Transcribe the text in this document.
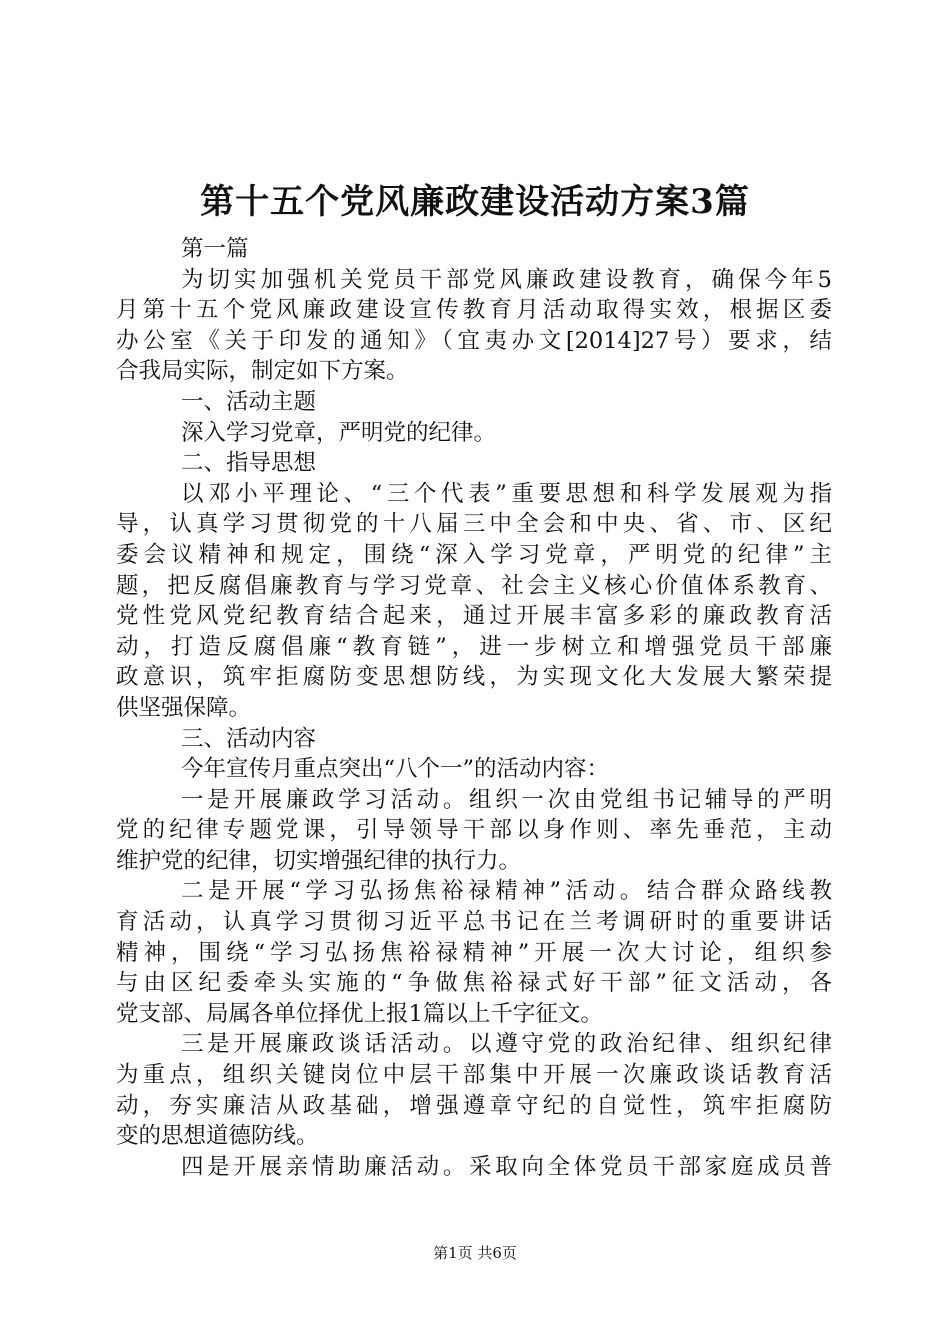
第十五个党风廉政建设活动方案3篇
第一篇
为切实加强机关党员干部党风廉政建设教育，确保今年5
月第十五个党风廉政建设宣传教育月活动取得实效，根据区委
办公室《关于印发的通知》（宜夷办文[2014]27号）要求，结
合我局实际，制定如下方案。
一、活动主题
深入学习党章，严明党的纪律。
二、指导思想
以邓小平理论、“三个代表”重要思想和科学发展观为指
导，认真学习贯彻党的十八届三中全会和中央、省、市、区纪
委会议精神和规定，围绕“深入学习党章，严明党的纪律”主
题，把反腐倡廉教育与学习党章、社会主义核心价值体系教育、
党性党风党纪教育结合起来，通过开展丰富多彩的廉政教育活
动，打造反腐倡廉“教育链”，进一步树立和增强党员干部廉
政意识，筑牢拒腐防变思想防线，为实现文化大发展大繁荣提
供坚强保障。
三、活动内容
今年宣传月重点突出“八个一”的活动内容：
一是开展廉政学习活动。组织一次由党组书记辅导的严明
党的纪律专题党课，引导领导干部以身作则、率先垂范，主动
维护党的纪律，切实增强纪律的执行力。
二是开展“学习弘扬焦裕禄精神”活动。结合群众路线教
育活动，认真学习贯彻习近平总书记在兰考调研时的重要讲话
精神，围绕“学习弘扬焦裕禄精神”开展一次大讨论，组织参
与由区纪委牵头实施的“争做焦裕禄式好干部”征文活动，各
党支部、局属各单位择优上报1篇以上千字征文。
三是开展廉政谈话活动。以遵守党的政治纪律、组织纪律
为重点，组织关键岗位中层干部集中开展一次廉政谈话教育活
动，夯实廉洁从政基础，增强遵章守纪的自觉性，筑牢拒腐防
变的思想道德防线。
四是开展亲情助廉活动。采取向全体党员干部家庭成员普
第1页 共6页
